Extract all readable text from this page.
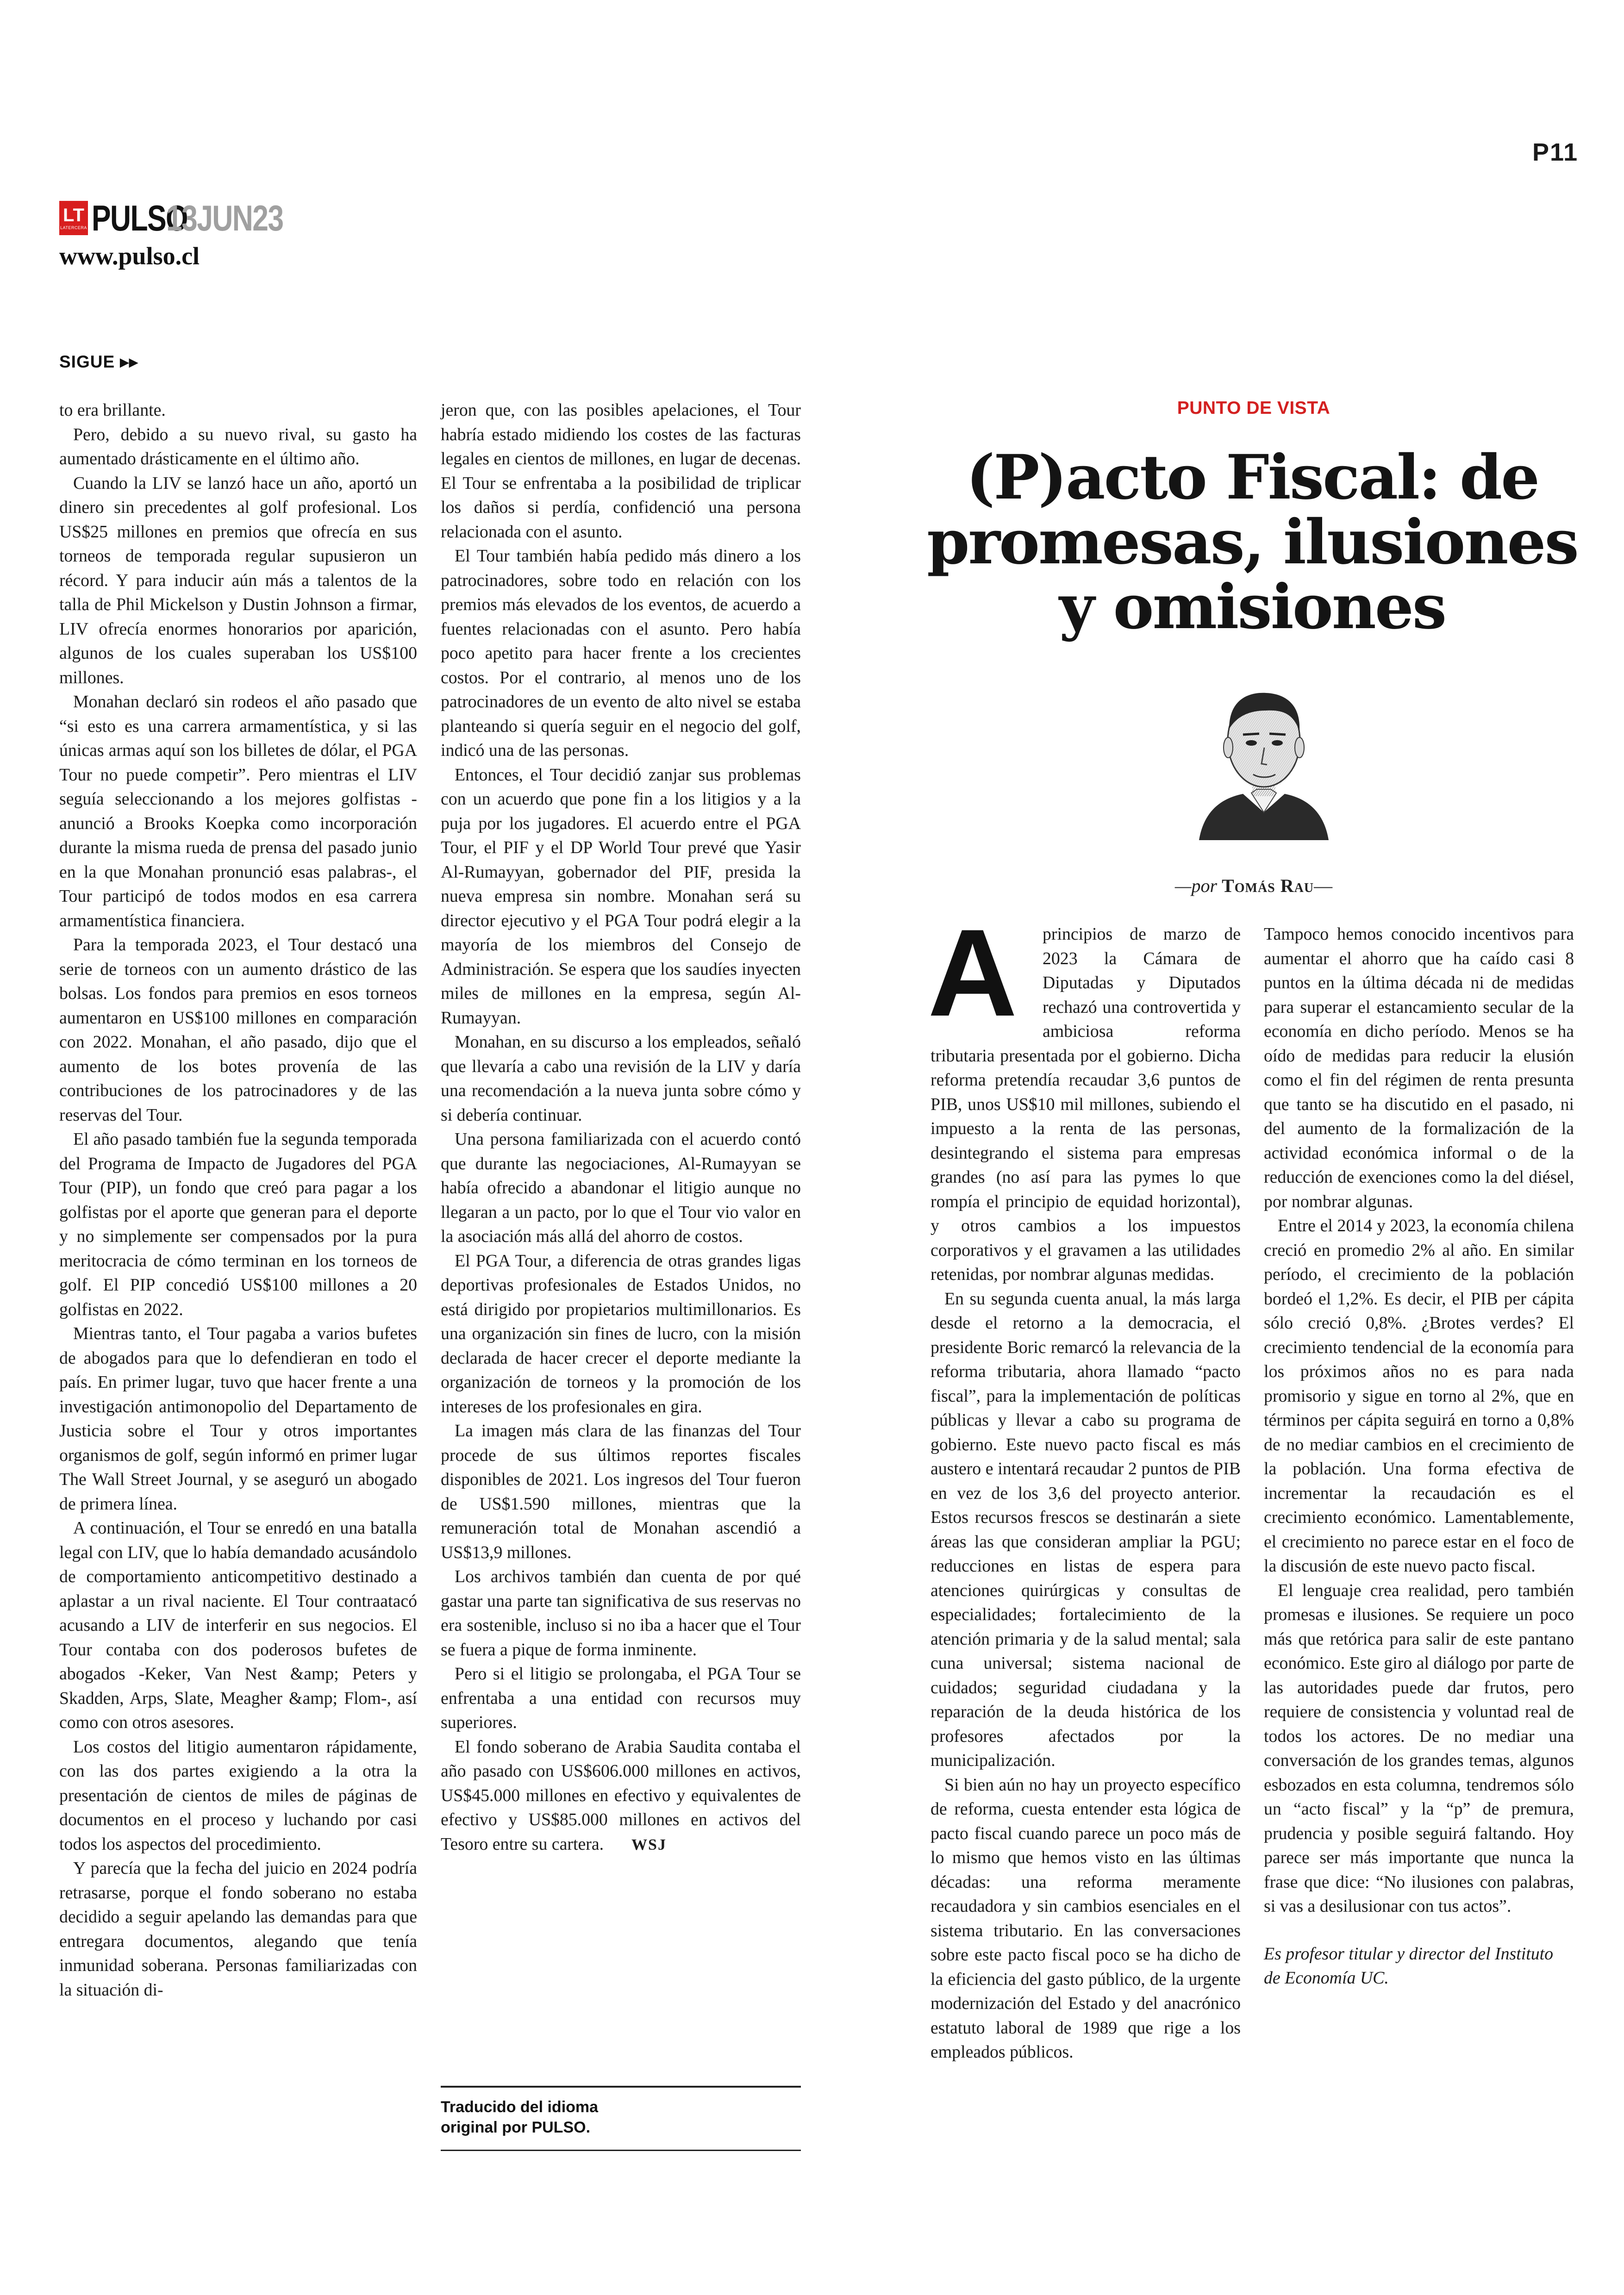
P11
LT
LATERCERA PULSO
13JUN23
www.pulso.cl
SIGUE ▸▸

to era brillante.

Pero, debido a su nuevo rival, su gasto ha aumentado drásticamente en el último año.

Cuando la LIV se lanzó hace un año, aportó un dinero sin precedentes al golf profesional. Los US$25 millones en premios que ofrecía en sus torneos de temporada regular supusieron un récord. Y para inducir aún más a talentos de la talla de Phil Mickelson y Dustin Johnson a firmar, LIV ofrecía enormes honorarios por aparición, algunos de los cuales superaban los US$100 millones.

Monahan declaró sin rodeos el año pasado que “si esto es una carrera armamentística, y si las únicas armas aquí son los billetes de dólar, el PGA Tour no puede competir”. Pero mientras el LIV seguía seleccionando a los mejores golfistas -anunció a Brooks Koepka como incorporación durante la misma rueda de prensa del pasado junio en la que Monahan pronunció esas palabras-, el Tour participó de todos modos en esa carrera armamentística financiera.

Para la temporada 2023, el Tour destacó una serie de torneos con un aumento drástico de las bolsas. Los fondos para premios en esos torneos aumentaron en US$100 millones en comparación con 2022. Monahan, el año pasado, dijo que el aumento de los botes provenía de las contribuciones de los patrocinadores y de las reservas del Tour.

El año pasado también fue la segunda temporada del Programa de Impacto de Jugadores del PGA Tour (PIP), un fondo que creó para pagar a los golfistas por el aporte que generan para el deporte y no simplemente ser compensados por la pura meritocracia de cómo terminan en los torneos de golf. El PIP concedió US$100 millones a 20 golfistas en 2022.

Mientras tanto, el Tour pagaba a varios bufetes de abogados para que lo defendieran en todo el país. En primer lugar, tuvo que hacer frente a una investigación antimonopolio del Departamento de Justicia sobre el Tour y otros importantes organismos de golf, según informó en primer lugar The Wall Street Journal, y se aseguró un abogado de primera línea.

A continuación, el Tour se enredó en una batalla legal con LIV, que lo había demandado acusándolo de comportamiento anticompetitivo destinado a aplastar a un rival naciente. El Tour contraatacó acusando a LIV de interferir en sus negocios. El Tour contaba con dos poderosos bufetes de abogados -Keker, Van Nest &amp; Peters y Skadden, Arps, Slate, Meagher &amp; Flom-, así como con otros asesores.

Los costos del litigio aumentaron rápidamente, con las dos partes exigiendo a la otra la presentación de cientos de miles de páginas de documentos en el proceso y luchando por casi todos los aspectos del procedimiento.

Y parecía que la fecha del juicio en 2024 podría retrasarse, porque el fondo soberano no estaba decidido a seguir apelando las demandas para que entregara documentos, alegando que tenía inmunidad soberana. Personas familiarizadas con la situación di-

jeron que, con las posibles apelaciones, el Tour habría estado midiendo los costes de las facturas legales en cientos de millones, en lugar de decenas. El Tour se enfrentaba a la posibilidad de triplicar los daños si perdía, confidenció una persona relacionada con el asunto.

El Tour también había pedido más dinero a los patrocinadores, sobre todo en relación con los premios más elevados de los eventos, de acuerdo a fuentes relacionadas con el asunto. Pero había poco apetito para hacer frente a los crecientes costos. Por el contrario, al menos uno de los patrocinadores de un evento de alto nivel se estaba planteando si quería seguir en el negocio del golf, indicó una de las personas.

Entonces, el Tour decidió zanjar sus problemas con un acuerdo que pone fin a los litigios y a la puja por los jugadores. El acuerdo entre el PGA Tour, el PIF y el DP World Tour prevé que Yasir Al-Rumayyan, gobernador del PIF, presida la nueva empresa sin nombre. Monahan será su director ejecutivo y el PGA Tour podrá elegir a la mayoría de los miembros del Consejo de Administración. Se espera que los saudíes inyecten miles de millones en la empresa, según Al-Rumayyan.

Monahan, en su discurso a los empleados, señaló que llevaría a cabo una revisión de la LIV y daría una recomendación a la nueva junta sobre cómo y si debería continuar.

Una persona familiarizada con el acuerdo contó que durante las negociaciones, Al-Rumayyan se había ofrecido a abandonar el litigio aunque no llegaran a un pacto, por lo que el Tour vio valor en la asociación más allá del ahorro de costos.

El PGA Tour, a diferencia de otras grandes ligas deportivas profesionales de Estados Unidos, no está dirigido por propietarios multimillonarios. Es una organización sin fines de lucro, con la misión declarada de hacer crecer el deporte mediante la organización de torneos y la promoción de los intereses de los profesionales en gira.

La imagen más clara de las finanzas del Tour procede de sus últimos reportes fiscales disponibles de 2021. Los ingresos del Tour fueron de US$1.590 millones, mientras que la remuneración total de Monahan ascendió a US$13,9 millones.

Los archivos también dan cuenta de por qué gastar una parte tan significativa de sus reservas no era sostenible, incluso si no iba a hacer que el Tour se fuera a pique de forma inminente.

Pero si el litigio se prolongaba, el PGA Tour se enfrentaba a una entidad con recursos muy superiores.

El fondo soberano de Arabia Saudita contaba el año pasado con US$606.000 millones en activos, US$45.000 millones en efectivo y equivalentes de efectivo y US$85.000 millones en activos del Tesoro entre su cartera. WSJ

Traducido del idioma original por PULSO.
PUNTO DE VISTA
(P)acto Fiscal: de promesas, ilusiones y omisiones
—por Tomás Rau—

A	principios de marzo de 2023 la Cámara de Diputadas y Diputados rechazó una controvertida y ambiciosa reforma tributaria presentada por el gobierno. Dicha reforma pretendía recaudar 3,6 puntos de PIB, unos US$10 mil millones, subiendo el impuesto a la renta de las personas, desintegrando el sistema para empresas grandes (no así para las pymes lo que rompía el principio de equidad horizontal), y otros cambios a los impuestos corporativos y el gravamen a las utilidades retenidas, por nombrar algunas medidas.

En su segunda cuenta anual, la más larga desde el retorno a la democracia, el presidente Boric remarcó la relevancia de la reforma tributaria, ahora llamado “pacto fiscal”, para la implementación de políticas públicas y llevar a cabo su programa de gobierno. Este nuevo pacto fiscal es más austero e intentará recaudar 2 puntos de PIB en vez de los 3,6 del proyecto anterior. Estos recursos frescos se destinarán a siete áreas las que consideran ampliar la PGU; reducciones en listas de espera para atenciones quirúrgicas y consultas de especialidades; fortalecimiento de la atención primaria y de la salud mental; sala cuna universal; sistema nacional de cuidados; seguridad ciudadana y la reparación de la deuda histórica de los profesores afectados por la municipalización.

Si bien aún no hay un proyecto específico de reforma, cuesta entender esta lógica de pacto fiscal cuando parece un poco más de lo mismo que hemos visto en las últimas décadas: una reforma meramente recaudadora y sin cambios esenciales en el sistema tributario. En las conversaciones sobre este pacto fiscal poco se ha dicho de la eficiencia del gasto público, de la urgente modernización del Estado y del anacrónico estatuto laboral de 1989 que rige a los empleados públicos.

Tampoco hemos conocido incentivos para aumentar el ahorro que ha caído casi 8 puntos en la última década ni de medidas para superar el estancamiento secular de la economía en dicho período. Menos se ha oído de medidas para reducir la elusión como el fin del régimen de renta presunta que tanto se ha discutido en el pasado, ni del aumento de la formalización de la actividad económica informal o de la reducción de exenciones como la del diésel, por nombrar algunas.

Entre el 2014 y 2023, la economía chilena creció en promedio 2% al año. En similar período, el crecimiento de la población bordeó el 1,2%. Es decir, el PIB per cápita sólo creció 0,8%. ¿Brotes verdes? El crecimiento tendencial de la economía para los próximos años no es para nada promisorio y sigue en torno al 2%, que en términos per cápita seguirá en torno a 0,8% de no mediar cambios en el crecimiento de la población. Una forma efectiva de incrementar la recaudación es el crecimiento económico. Lamentablemente, el crecimiento no parece estar en el foco de la discusión de este nuevo pacto fiscal.

El lenguaje crea realidad, pero también promesas e ilusiones. Se requiere un poco más que retórica para salir de este pantano económico. Este giro al diálogo por parte de las autoridades puede dar frutos, pero requiere de consistencia y voluntad real de todos los actores. De no mediar una conversación de los grandes temas, algunos esbozados en esta columna, tendremos sólo un “acto fiscal” y la “p” de premura, prudencia y posible seguirá faltando. Hoy parece ser más importante que nunca la frase que dice: “No ilusiones con palabras, si vas a desilusionar con tus actos”.

Es profesor titular y director del Instituto de Economía UC.
